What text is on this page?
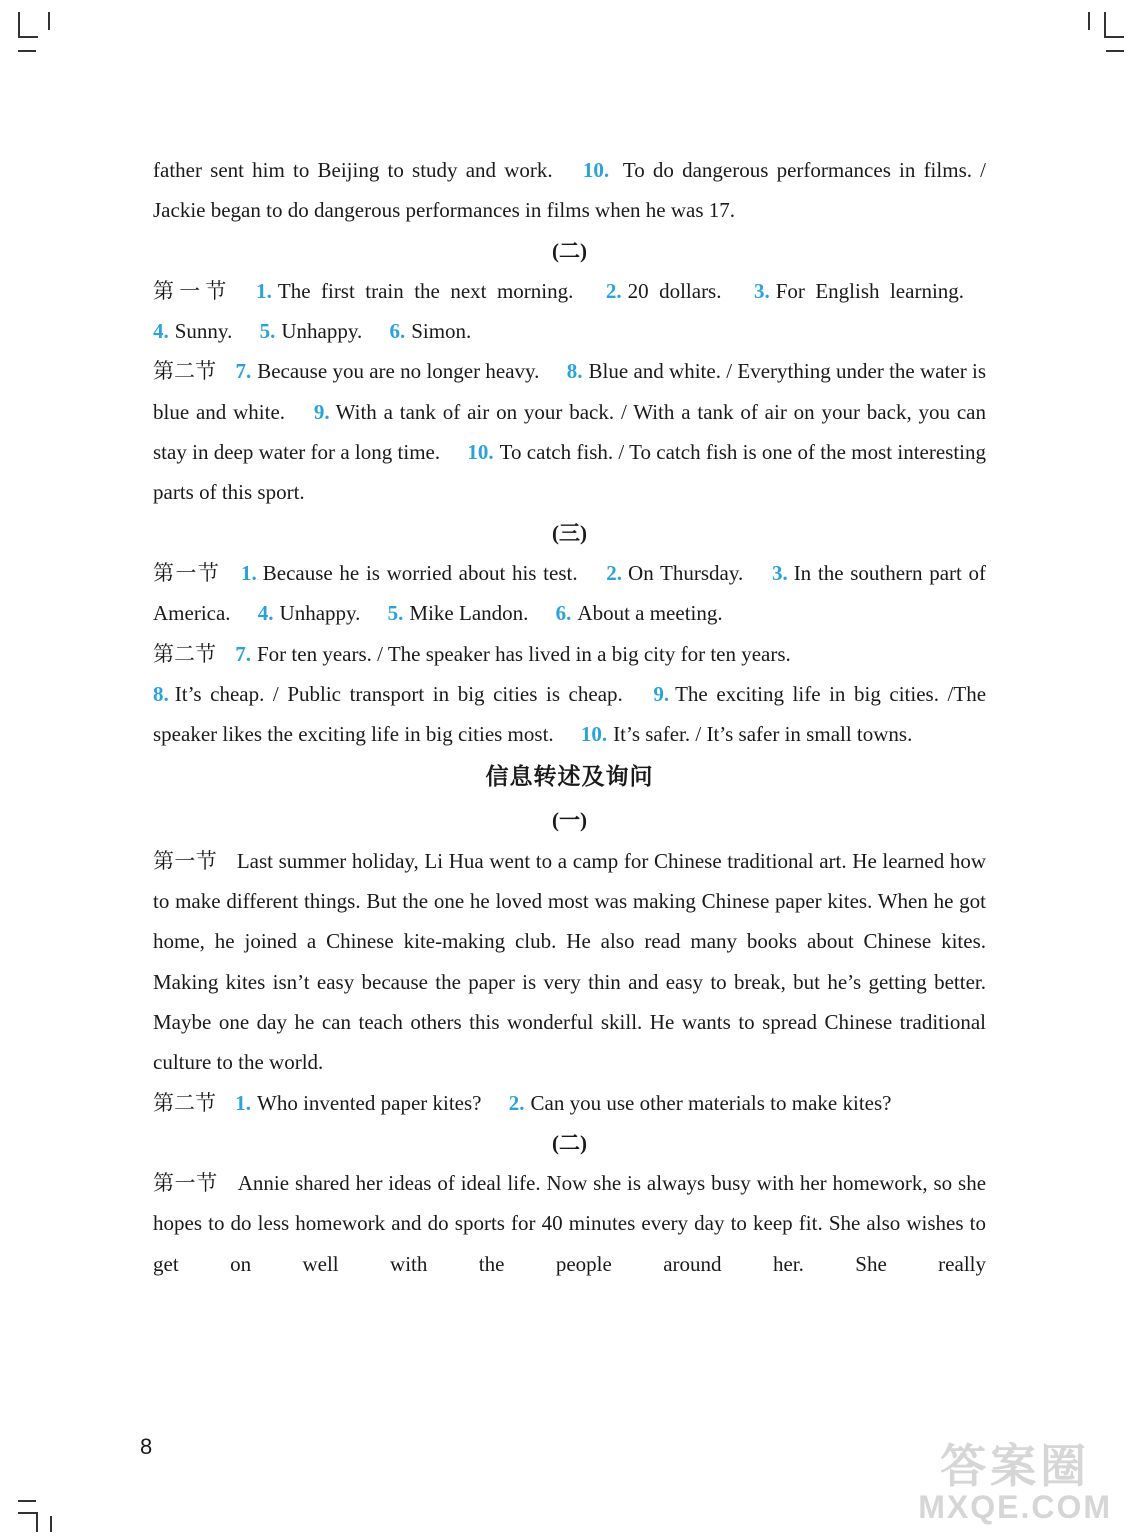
father sent him to Beijing to study and work. 10. To do dangerous performances in films. / Jackie began to do dangerous performances in films when he was 17.

(二)

第一节 1. The first train the next morning. 2. 20 dollars. 3. For English learning. 4. Sunny. 5. Unhappy. 6. Simon.

第二节 7. Because you are no longer heavy. 8. Blue and white. / Everything under the water is blue and white. 9. With a tank of air on your back. / With a tank of air on your back, you can stay in deep water for a long time. 10. To catch fish. / To catch fish is one of the most interesting parts of this sport.

(三)

第一节 1. Because he is worried about his test. 2. On Thursday. 3. In the southern part of America. 4. Unhappy. 5. Mike Landon. 6. About a meeting.

第二节 7. For ten years. / The speaker has lived in a big city for ten years.

8. It’s cheap. / Public transport in big cities is cheap. 9. The exciting life in big cities. /The speaker likes the exciting life in big cities most. 10. It’s safer. / It’s safer in small towns.

信息转述及询问

(一)

第一节 Last summer holiday, Li Hua went to a camp for Chinese traditional art. He learned how to make different things. But the one he loved most was making Chinese paper kites. When he got home, he joined a Chinese kite-making club. He also read many books about Chinese kites. Making kites isn’t easy because the paper is very thin and easy to break, but he’s getting better. Maybe one day he can teach others this wonderful skill. He wants to spread Chinese traditional culture to the world.

第二节 1. Who invented paper kites? 2. Can you use other materials to make kites?

(二)

第一节 Annie shared her ideas of ideal life. Now she is always busy with her homework, so she hopes to do less homework and do sports for 40 minutes every day to keep fit. She also wishes to get on well with the people around her. She really

8	答案圈
MXQE.COM
